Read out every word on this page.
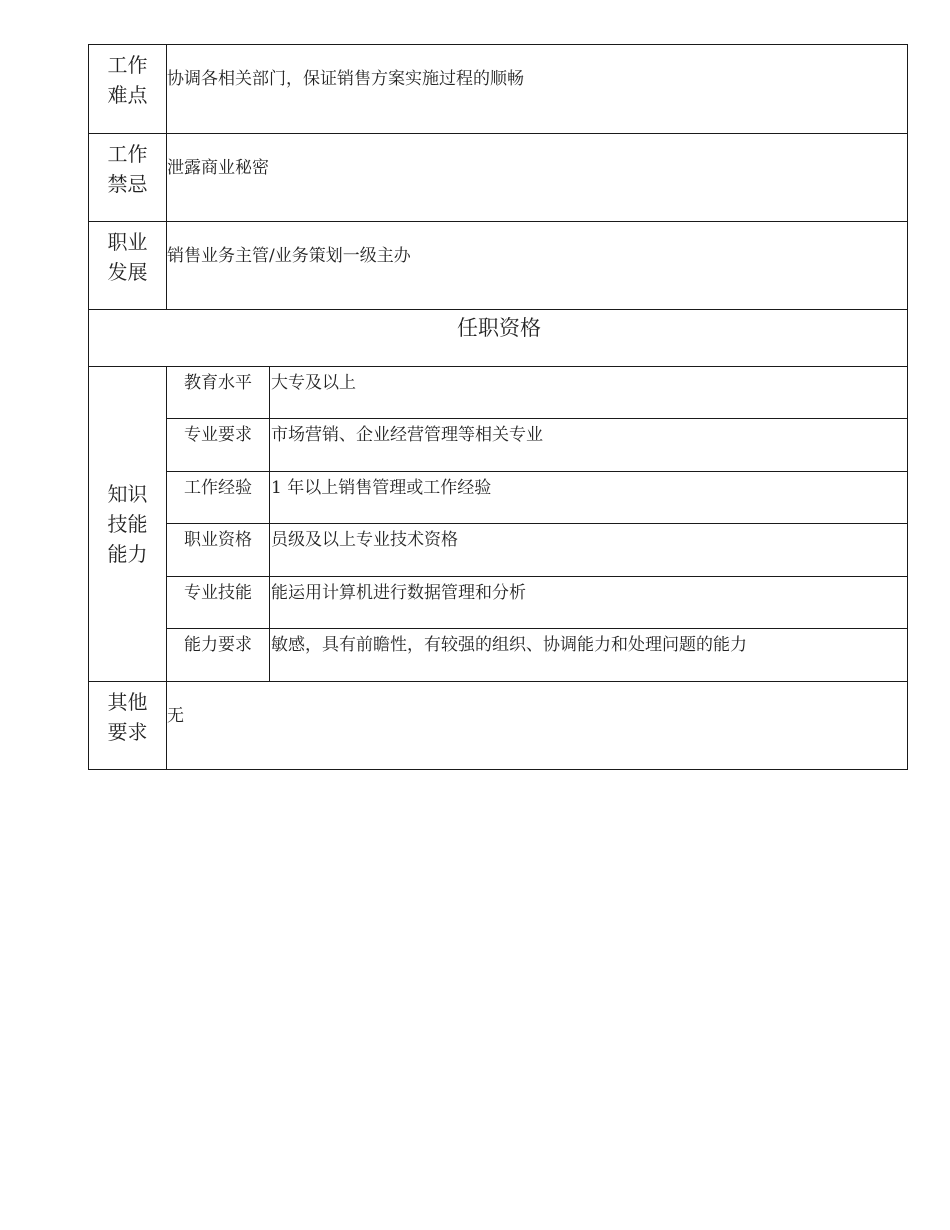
工作
难点	协调各相关部门，保证销售方案实施过程的顺畅	

工作
禁忌	泄露商业秘密	

职业
发展	销售业务主管/业务策划一级主办	
任职资格		

知识
技能
能力	教育水平	大专及以上
	专业要求	市场营销、企业经营管理等相关专业
	工作经验	1 年以上销售管理或工作经验
	职业资格	员级及以上专业技术资格
	专业技能	能运用计算机进行数据管理和分析
	能力要求	敏感，具有前瞻性，有较强的组织、协调能力和处理问题的能力

其他
要求	无	
